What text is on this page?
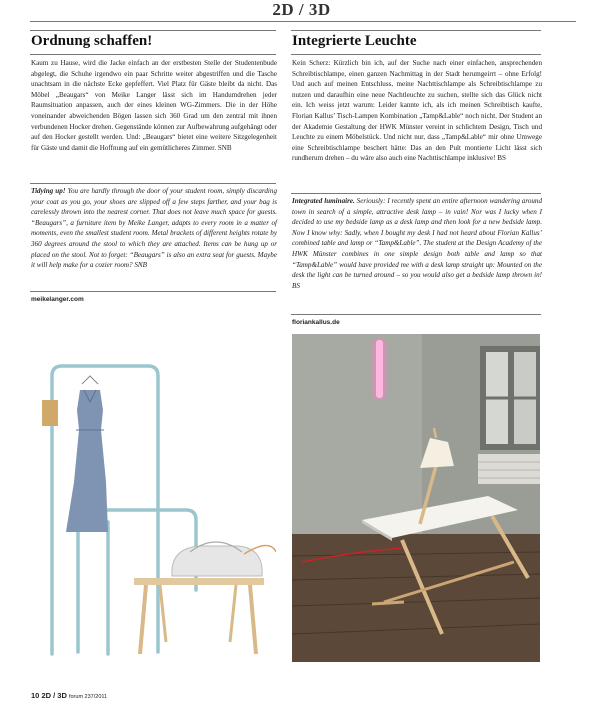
2D / 3D
Ordnung schaffen!
Kaum zu Hause, wird die Jacke einfach an der erstbesten Stelle der Studentenbude abgelegt, die Schuhe irgendwo ein paar Schritte weiter abgestriffen und die Tasche unachtsam in die nächste Ecke gepfeffert. Viel Platz für Gäste bleibt da nicht. Das Möbel „Beaugars“ von Meike Langer lässt sich im Handumdrehen jeder Raumsituation anpassen, auch der eines kleinen WG-Zimmers. Die in der Höhe voneinander abweichenden Bögen lassen sich 360 Grad um den zentral mit ihnen verbundenen Hocker drehen. Gegenstände können zur Aufbewahrung aufgehängt oder auf den Hocker gestellt werden. Und: „Beaugars“ bietet eine weitere Sitzgelegenheit für Gäste und damit die Hoffnung auf ein gemütlicheres Zimmer. SNB
Tidying up! You are hardly through the door of your student room, simply discarding your coat as you go, your shoes are slipped off a few steps farther, and your bag is carelessly thrown into the nearest corner. That does not leave much space for guests. “Beaugars”, a furniture item by Meike Langer, adapts to every room in a matter of moments, even the smallest student room. Metal brackets of different heights rotate by 360 degrees around the stool to which they are attached. Items can be hung up or placed on the stool. Not to forget: “Beaugars” is also an extra seat for guests. Maybe it will help make for a cozier room? SNB
meikelanger.com
Integrierte Leuchte
Kein Scherz: Kürzlich bin ich, auf der Suche nach einer einfachen, ansprechenden Schreibtischlampe, einen ganzen Nachmittag in der Stadt herumgeirrt – ohne Erfolg! Und auch auf meinen Entschluss, meine Nachttischlampe als Schreibtischlampe zu nutzen und daraufhin eine neue Nachtleuchte zu suchen, stellte sich das Glück nicht ein. Ich weiss jetzt warum: Leider kannte ich, als ich meinen Schreibtisch kaufte, Florian Kallus’ Tisch-Lampen Kombination „Tamp&Lable“ noch nicht. Der Student an der Akademie Gestaltung der HWK Münster vereint in schlichtem Design, Tisch und Leuchte zu einem Möbelstück. Und nicht nur, dass „Tamp&Lable“ mir ohne Umwege eine Schreibtischlampe beschert hätte: Das an den Pult montierte Licht lässt sich rundherum drehen – du wäre also auch eine Nachttischlampe inklusive! BS
Integrated luminaire. Seriously: I recently spent an entire afternoon wandering around town in search of a simple, attractive desk lamp – in vain! Nor was I lucky when I decided to use my bedside lamp as a desk lamp and then look for a new bedside lamp. Now I know why: Sadly, when I bought my desk I had not heard about Florian Kallus’ combined table and lamp or “Tamp&Lable”. The student at the Design Academy of the HWK Münster combines in one simple design both table and lamp so that “Tamp&Lable” would have provided me with a desk lamp straight up: Mounted on the desk the light can be turned around – so you would also get a bedside lamp thrown in! BS
floriankallus.de
10 2D / 3D forum 237/2011
